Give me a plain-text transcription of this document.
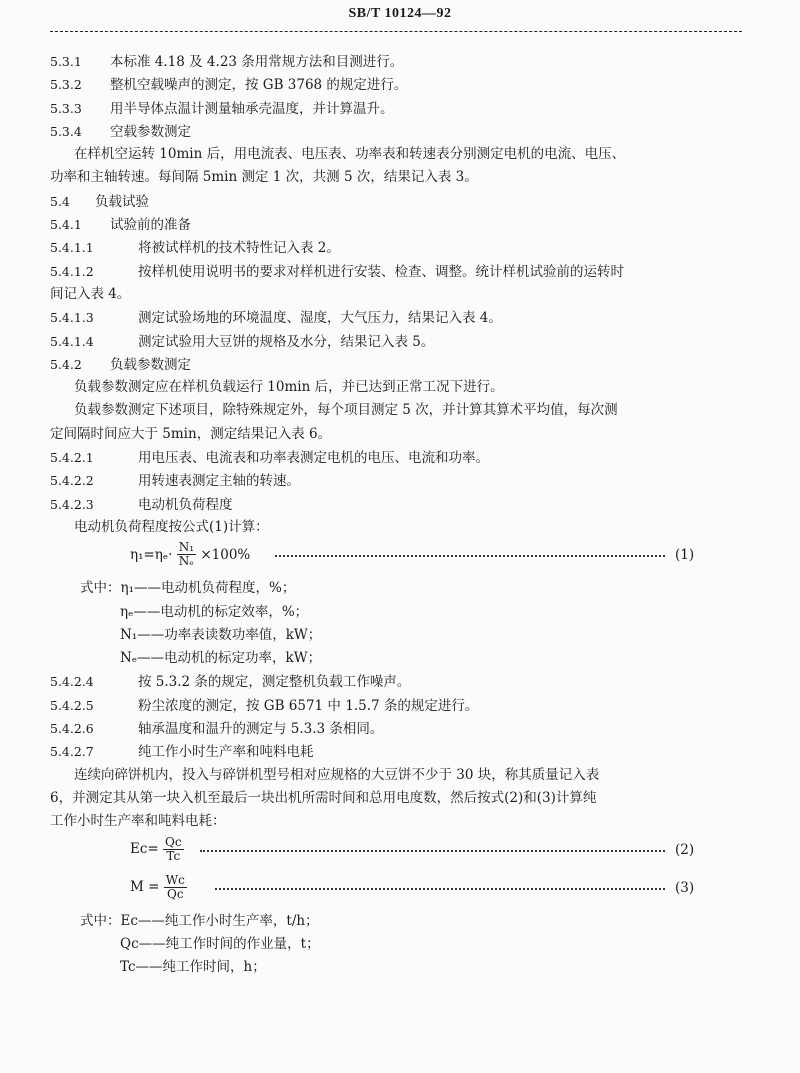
SB/T 10124—92
5.3.1 本标准 4.18 及 4.23 条用常规方法和目测进行。
5.3.2 整机空载噪声的测定，按 GB 3768 的规定进行。
5.3.3 用半导体点温计测量轴承壳温度，并计算温升。
5.3.4 空载参数测定
在样机空运转 10min 后，用电流表、电压表、功率表和转速表分别测定电机的电流、电压、
功率和主轴转速。每间隔 5min 测定 1 次，共测 5 次，结果记入表 3。
5.4 负载试验
5.4.1 试验前的准备
5.4.1.1	将被试样机的技术特性记入表 2。
5.4.1.2	按样机使用说明书的要求对样机进行安装、检查、调整。统计样机试验前的运转时
间记入表 4。
5.4.1.3	测定试验场地的环境温度、湿度，大气压力，结果记入表 4。
5.4.1.4	测定试验用大豆饼的规格及水分，结果记入表 5。
5.4.2 负载参数测定
负载参数测定应在样机负载运行 10min 后，并已达到正常工况下进行。
负载参数测定下述项目，除特殊规定外，每个项目测定 5 次，并计算其算术平均值，每次测
定间隔时间应大于 5min，测定结果记入表 6。
5.4.2.1	用电压表、电流表和功率表测定电机的电压、电流和功率。
5.4.2.2	用转速表测定主轴的转速。
5.4.2.3	电动机负荷程度
电动机负荷程度按公式(1)计算：
$\eta_1=\eta_e\cdot \frac{\text{N₁}}{\text{Nₑ}} \times 100\%$	(1)
式中：η₁——电动机负荷程度，%；
ηₑ——电动机的标定效率，%；
N₁——功率表读数功率值，kW；
Nₑ——电动机的标定功率，kW；
5.4.2.4	按 5.3.2 条的规定，测定整机负载工作噪声。
5.4.2.5	粉尘浓度的测定，按 GB 6571 中 1.5.7 条的规定进行。
5.4.2.6	轴承温度和温升的测定与 5.3.3 条相同。
5.4.2.7	纯工作小时生产率和吨料电耗
连续向碎饼机内，投入与碎饼机型号相对应规格的大豆饼不少于 30 块，称其质量记入表
6，并测定其从第一块入机至最后一块出机所需时间和总用电度数，然后按式(2)和(3)计算纯
工作小时生产率和吨料电耗：
$Ec= \frac{Qc}{Tc}$	(2)
$M = \frac{Wc}{Qc}$	(3)
式中：Ec——纯工作小时生产率，t/h；
Qc——纯工作时间的作业量，t；
Tc——纯工作时间，h；
